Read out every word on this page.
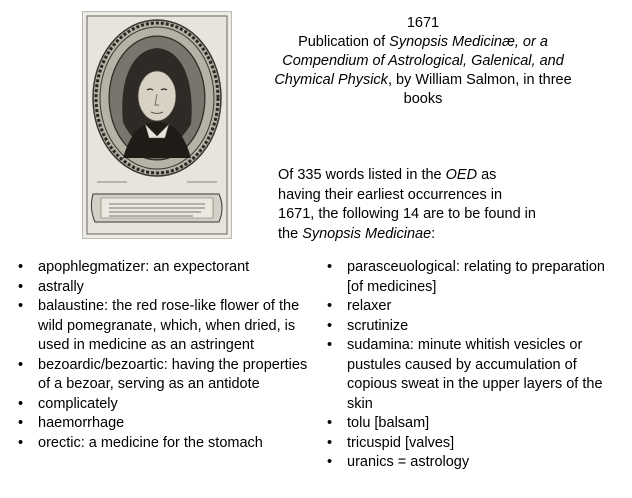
1671

Publication of Synopsis Medicinæ, or a Compendium of Astrological, Galenical, and Chymical Physick, by William Salmon, in three books

Of 335 words listed in the OED as having their earliest occurrences in 1671, the following 14 are to be found in the Synopsis Medicinae:

• apophlegmatizer: an expectorant
• astrally
• balaustine: the red rose-like flower of the wild pomegranate, which, when dried, is used in medicine as an astringent
• bezoardic/bezoartic: having the properties of a bezoar, serving as an antidote
• complicately
• haemorrhage
• orectic: a medicine for the stomach
• parasceuological: relating to preparation [of medicines]
• relaxer
• scrutinize
• sudamina: minute whitish vesicles or pustules caused by accumulation of copious sweat in the upper layers of the skin
• tolu [balsam]
• tricuspid [valves]
• uranics = astrology
